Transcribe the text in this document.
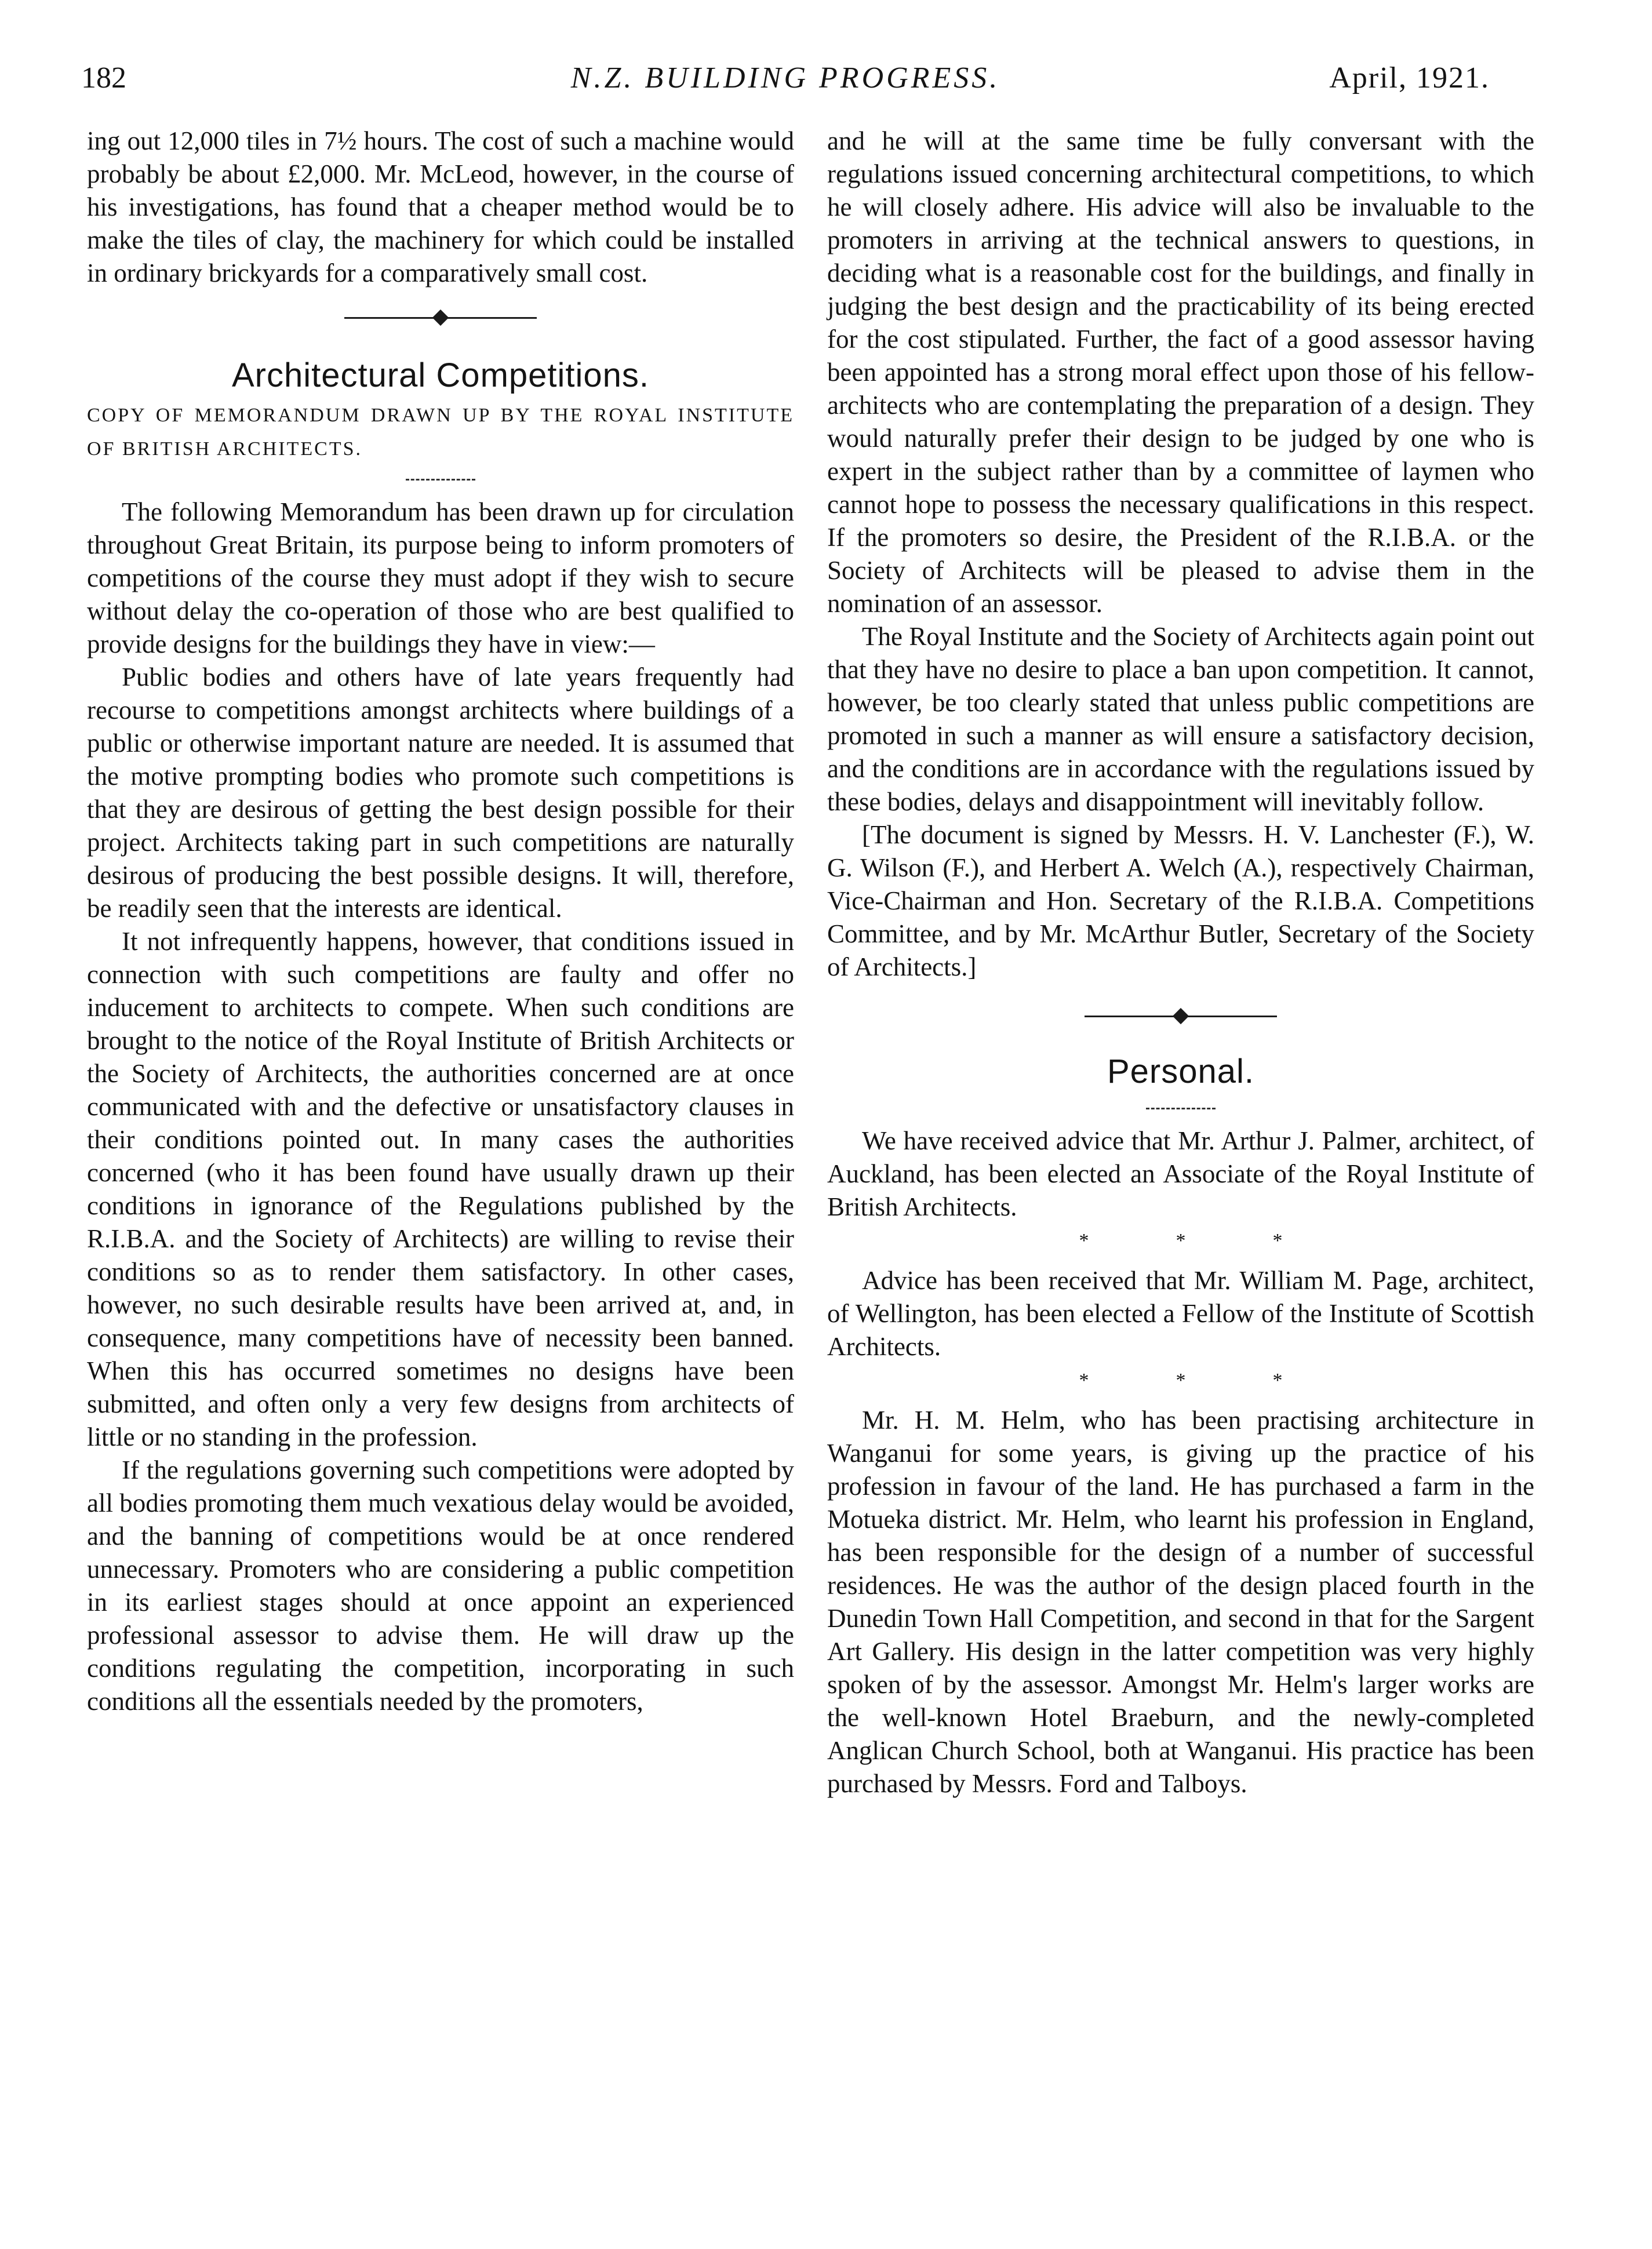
182	N.Z. BUILDING PROGRESS.	April, 1921.

ing out 12,000 tiles in 7½ hours. The cost of such a machine would probably be about £2,000. Mr. McLeod, however, in the course of his investigations, has found that a cheaper method would be to make the tiles of clay, the machinery for which could be installed in ordinary brickyards for a comparatively small cost.

Architectural Competitions.

COPY OF MEMORANDUM DRAWN UP BY THE ROYAL INSTITUTE OF BRITISH ARCHITECTS.

The following Memorandum has been drawn up for circulation throughout Great Britain, its purpose being to inform promoters of competitions of the course they must adopt if they wish to secure without delay the co-operation of those who are best qualified to provide designs for the buildings they have in view:—

Public bodies and others have of late years frequently had recourse to competitions amongst architects where buildings of a public or otherwise important nature are needed. It is assumed that the motive prompting bodies who promote such competitions is that they are desirous of getting the best design possible for their project. Architects taking part in such competitions are naturally desirous of producing the best possible designs. It will, therefore, be readily seen that the interests are identical.

It not infrequently happens, however, that conditions issued in connection with such competitions are faulty and offer no inducement to architects to compete. When such conditions are brought to the notice of the Royal Institute of British Architects or the Society of Architects, the authorities concerned are at once communicated with and the defective or unsatisfactory clauses in their conditions pointed out. In many cases the authorities concerned (who it has been found have usually drawn up their conditions in ignorance of the Regulations published by the R.I.B.A. and the Society of Architects) are willing to revise their conditions so as to render them satisfactory. In other cases, however, no such desirable results have been arrived at, and, in consequence, many competitions have of necessity been banned. When this has occurred sometimes no designs have been submitted, and often only a very few designs from architects of little or no standing in the profession.

If the regulations governing such competitions were adopted by all bodies promoting them much vexatious delay would be avoided, and the banning of competitions would be at once rendered unnecessary. Promoters who are considering a public competition in its earliest stages should at once appoint an experienced professional assessor to advise them. He will draw up the conditions regulating the competition, incorporating in such conditions all the essentials needed by the promoters,

and he will at the same time be fully conversant with the regulations issued concerning architectural competitions, to which he will closely adhere. His advice will also be invaluable to the promoters in arriving at the technical answers to questions, in deciding what is a reasonable cost for the buildings, and finally in judging the best design and the practicability of its being erected for the cost stipulated. Further, the fact of a good assessor having been appointed has a strong moral effect upon those of his fellow-architects who are contemplating the preparation of a design. They would naturally prefer their design to be judged by one who is expert in the subject rather than by a committee of laymen who cannot hope to possess the necessary qualifications in this respect. If the promoters so desire, the President of the R.I.B.A. or the Society of Architects will be pleased to advise them in the nomination of an assessor.

The Royal Institute and the Society of Architects again point out that they have no desire to place a ban upon competition. It cannot, however, be too clearly stated that unless public competitions are promoted in such a manner as will ensure a satisfactory decision, and the conditions are in accordance with the regulations issued by these bodies, delays and disappointment will inevitably follow.

[The document is signed by Messrs. H. V. Lanchester (F.), W. G. Wilson (F.), and Herbert A. Welch (A.), respectively Chairman, Vice-Chairman and Hon. Secretary of the R.I.B.A. Competitions Committee, and by Mr. McArthur Butler, Secretary of the Society of Architects.]

Personal.

We have received advice that Mr. Arthur J. Palmer, architect, of Auckland, has been elected an Associate of the Royal Institute of British Architects.

*	*	*

Advice has been received that Mr. William M. Page, architect, of Wellington, has been elected a Fellow of the Institute of Scottish Architects.

*	*	*

Mr. H. M. Helm, who has been practising architecture in Wanganui for some years, is giving up the practice of his profession in favour of the land. He has purchased a farm in the Motueka district. Mr. Helm, who learnt his profession in England, has been responsible for the design of a number of successful residences. He was the author of the design placed fourth in the Dunedin Town Hall Competition, and second in that for the Sargent Art Gallery. His design in the latter competition was very highly spoken of by the assessor. Amongst Mr. Helm's larger works are the well-known Hotel Braeburn, and the newly-completed Anglican Church School, both at Wanganui. His practice has been purchased by Messrs. Ford and Talboys.
